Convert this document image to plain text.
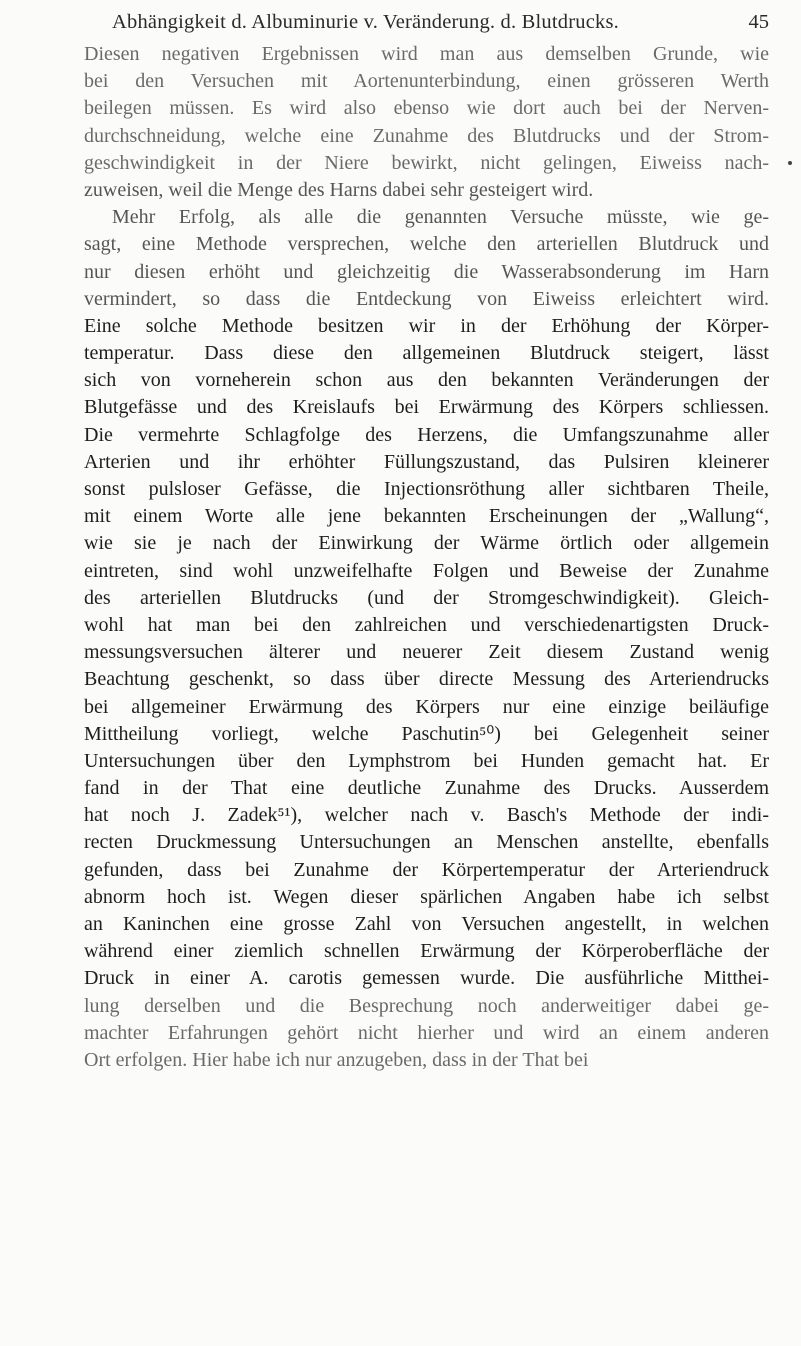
Abhängigkeit d. Albuminurie v. Veränderung. d. Blutdrucks.	45
Diesen negativen Ergebnissen wird man aus demselben Grunde, wie
bei den Versuchen mit Aortenunterbindung, einen grösseren Werth
beilegen müssen. Es wird also ebenso wie dort auch bei der Nerven-
durchschneidung, welche eine Zunahme des Blutdrucks und der Strom-
geschwindigkeit in der Niere bewirkt, nicht gelingen, Eiweiss nach-
zuweisen, weil die Menge des Harns dabei sehr gesteigert wird.
Mehr Erfolg, als alle die genannten Versuche müsste, wie ge-
sagt, eine Methode versprechen, welche den arteriellen Blutdruck und
nur diesen erhöht und gleichzeitig die Wasserabsonderung im Harn
vermindert, so dass die Entdeckung von Eiweiss erleichtert wird.
Eine solche Methode besitzen wir in der Erhöhung der Körper-
temperatur. Dass diese den allgemeinen Blutdruck steigert, lässt
sich von vorneherein schon aus den bekannten Veränderungen der
Blutgefässe und des Kreislaufs bei Erwärmung des Körpers schliessen.
Die vermehrte Schlagfolge des Herzens, die Umfangszunahme aller
Arterien und ihr erhöhter Füllungszustand, das Pulsiren kleinerer
sonst pulsloser Gefässe, die Injectionsröthung aller sichtbaren Theile,
mit einem Worte alle jene bekannten Erscheinungen der „Wallung“,
wie sie je nach der Einwirkung der Wärme örtlich oder allgemein
eintreten, sind wohl unzweifelhafte Folgen und Beweise der Zunahme
des arteriellen Blutdrucks (und der Stromgeschwindigkeit). Gleich-
wohl hat man bei den zahlreichen und verschiedenartigsten Druck-
messungsversuchen älterer und neuerer Zeit diesem Zustand wenig
Beachtung geschenkt, so dass über directe Messung des Arteriendrucks
bei allgemeiner Erwärmung des Körpers nur eine einzige beiläufige
Mittheilung vorliegt, welche Paschutin⁵⁰) bei Gelegenheit seiner
Untersuchungen über den Lymphstrom bei Hunden gemacht hat. Er
fand in der That eine deutliche Zunahme des Drucks. Ausserdem
hat noch J. Zadek⁵¹), welcher nach v. Basch's Methode der indi-
recten Druckmessung Untersuchungen an Menschen anstellte, ebenfalls
gefunden, dass bei Zunahme der Körpertemperatur der Arteriendruck
abnorm hoch ist. Wegen dieser spärlichen Angaben habe ich selbst
an Kaninchen eine grosse Zahl von Versuchen angestellt, in welchen
während einer ziemlich schnellen Erwärmung der Körperoberfläche der
Druck in einer A. carotis gemessen wurde. Die ausführliche Mitthei-
lung derselben und die Besprechung noch anderweitiger dabei ge-
machter Erfahrungen gehört nicht hierher und wird an einem anderen
Ort erfolgen. Hier habe ich nur anzugeben, dass in der That bei
